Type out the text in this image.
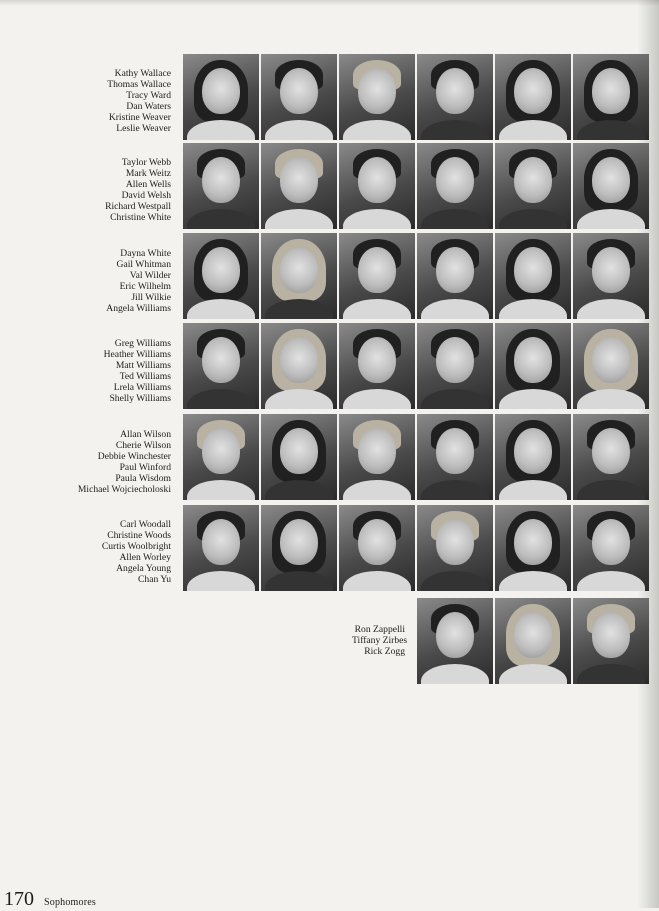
Kathy Wallace
Thomas Wallace
Tracy Ward
Dan Waters
Kristine Weaver
Leslie Weaver
Taylor Webb
Mark Weitz
Allen Wells
David Welsh
Richard Westpall
Christine White
Dayna White
Gail Whitman
Val Wilder
Eric Wilhelm
Jill Wilkie
Angela Williams
Greg Williams
Heather Williams
Matt Williams
Ted Williams
Lrela Williams
Shelly Williams
Allan Wilson
Cherie Wilson
Debbie Winchester
Paul Winford
Paula Wisdom
Michael Wojciecholoski
Carl Woodall
Christine Woods
Curtis Woolbright
Allen Worley
Angela Young
Chan Yu
Ron Zappelli
Tiffany Zirbes
Rick Zogg
170 Sophomores
